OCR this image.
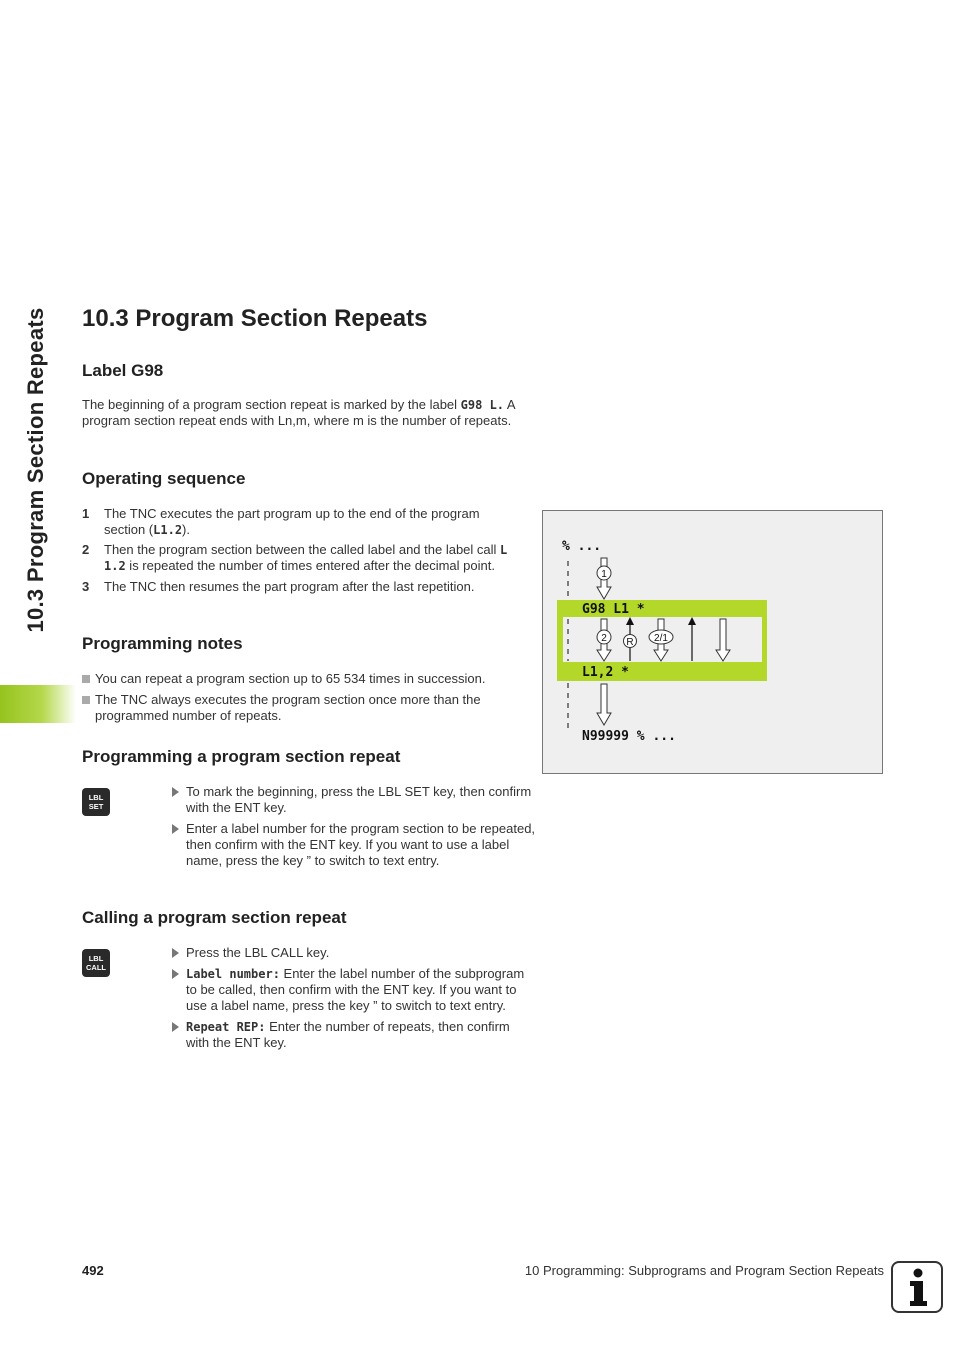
10.3 Program Section Repeats 10.3 Program Section Repeats
Label G98

The beginning of a program section repeat is marked by the label G98 L. A program section repeat ends with Ln,m, where m is the number of repeats.

Operating sequence
1 The TNC executes the part program up to the end of the program section (L1.2).
2 Then the program section between the called label and the label call L 1.2 is repeated the number of times entered after the decimal point.
3 The TNC then resumes the part program after the last repetition.
Programming notes
You can repeat a program section up to 65 534 times in succession.
The TNC always executes the program section once more than the programmed number of repeats.
Programming a program section repeat
LBL
SET
To mark the beginning, press the LBL SET key, then confirm with the ENT key.
Enter a label number for the program section to be repeated, then confirm with the ENT key. If you want to use a label name, press the key ” to switch to text entry.
Calling a program section repeat
LBL
CALL
Press the LBL CALL key.
Label number: Enter the label number of the subprogram to be called, then confirm with the ENT key. If you want to use a label name, press the key ” to switch to text entry.
Repeat REP: Enter the number of repeats, then confirm with the ENT key.
% ...
G98 L1 *
L1,2 *
N99999 % ...
1
2 R 2/1
492	10 Programming: Subprograms and Program Section Repeats
